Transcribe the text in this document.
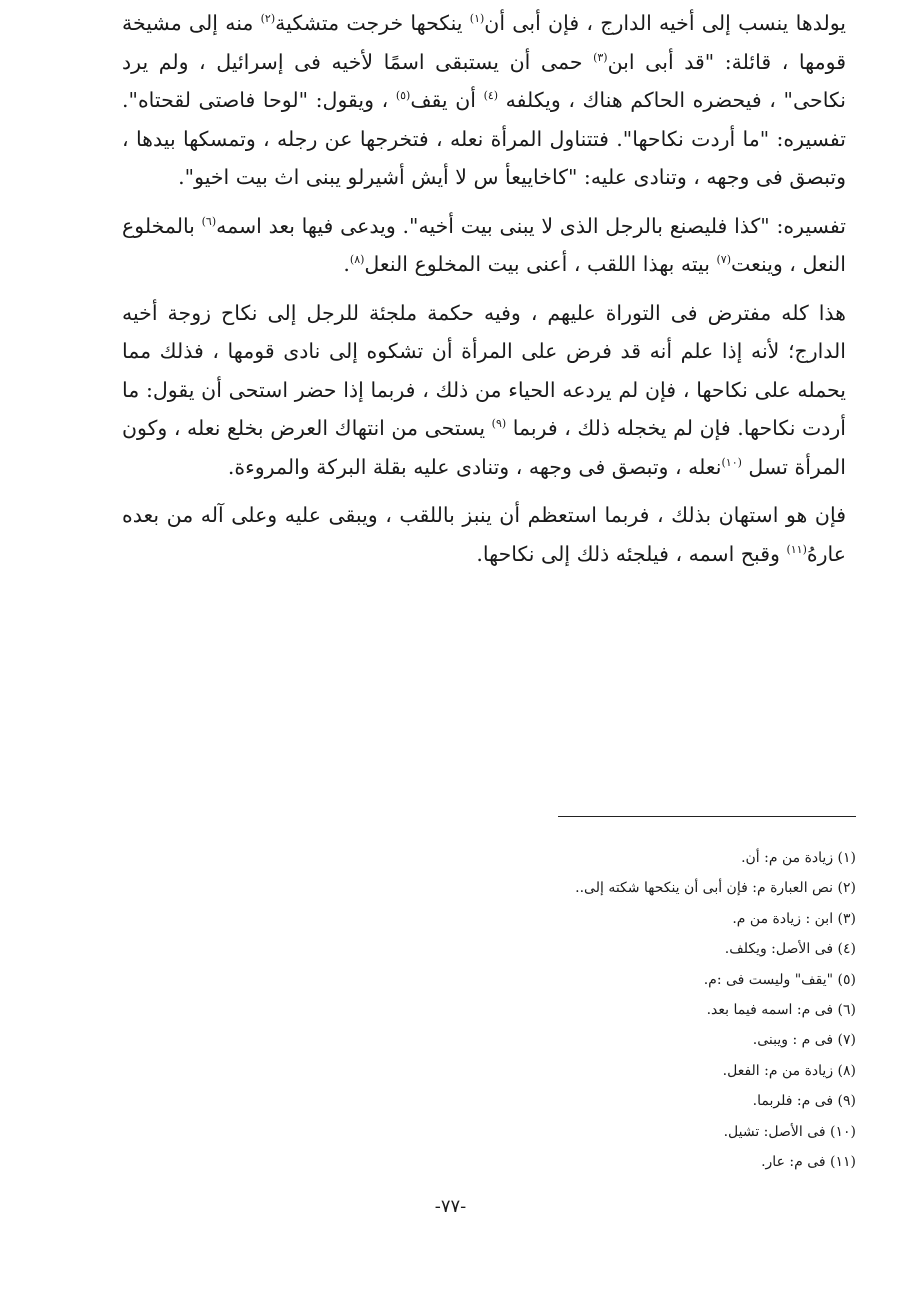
يولدها ينسب إلى أخيه الدارج ، فإن أبى أن$^{(١)}$ ينكحها خرجت متشكية$^{(٢)}$ منه إلى مشيخة قومها ، قائلة: "قد أبى ابن$^{(٣)}$ حمى أن يستبقى اسمًا لأخيه فى إسرائيل ، ولم يرد نكاحى" ، فيحضره الحاكم هناك ، ويكلفه $^{(٤)}$ أن يقف$^{(٥)}$ ، ويقول: "لوحا فاصتى لقحتاه". تفسيره: "ما أردت نكاحها". فتتناول المرأة نعله ، فتخرجها عن رجله ، وتمسكها بيدها ، وتبصق فى وجهه ، وتنادى عليه: "كاخاييعأ س لا أيش أشيرلو يبنى اث بيت اخيو".

تفسيره: "كذا فليصنع بالرجل الذى لا يبنى بيت أخيه". ويدعى فيها بعد اسمه$^{(٦)}$ بالمخلوع النعل ، وينعت$^{(٧)}$ بيته بهذا اللقب ، أعنى بيت المخلوع النعل$^{(٨)}$.

هذا كله مفترض فى التوراة عليهم ، وفيه حكمة ملجئة للرجل إلى نكاح زوجة أخيه الدارج؛ لأنه إذا علم أنه قد فرض على المرأة أن تشكوه إلى نادى قومها ، فذلك مما يحمله على نكاحها ، فإن لم يردعه الحياء من ذلك ، فربما إذا حضر استحى أن يقول: ما أردت نكاحها. فإن لم يخجله ذلك ، فربما $^{(٩)}$ يستحى من انتهاك العرض بخلع نعله ، وكون المرأة تسل $^{(١٠)}$نعله ، وتبصق فى وجهه ، وتنادى عليه بقلة البركة والمروءة.

فإن هو استهان بذلك ، فربما استعظم أن ينبز باللقب ، ويبقى عليه وعلى آله من بعده عارهُ$^{(١١)}$ وقبح اسمه ، فيلجئه ذلك إلى نكاحها.

(١) زيادة من م: أن.
(٢) نص العبارة م: فإن أبى أن ينكحها شكته إلى..
(٣) ابن : زيادة من م.
(٤) فى الأصل: ويكلف.
(٥) "يقف" وليست فى :م.
(٦) فى م: اسمه فيما بعد.
(٧) فى م : ويبنى.
(٨) زيادة من م: الفعل.
(٩) فى م: فلربما.
(١٠) فى الأصل: تشيل.
(١١) فى م: عار.
-٧٧-
